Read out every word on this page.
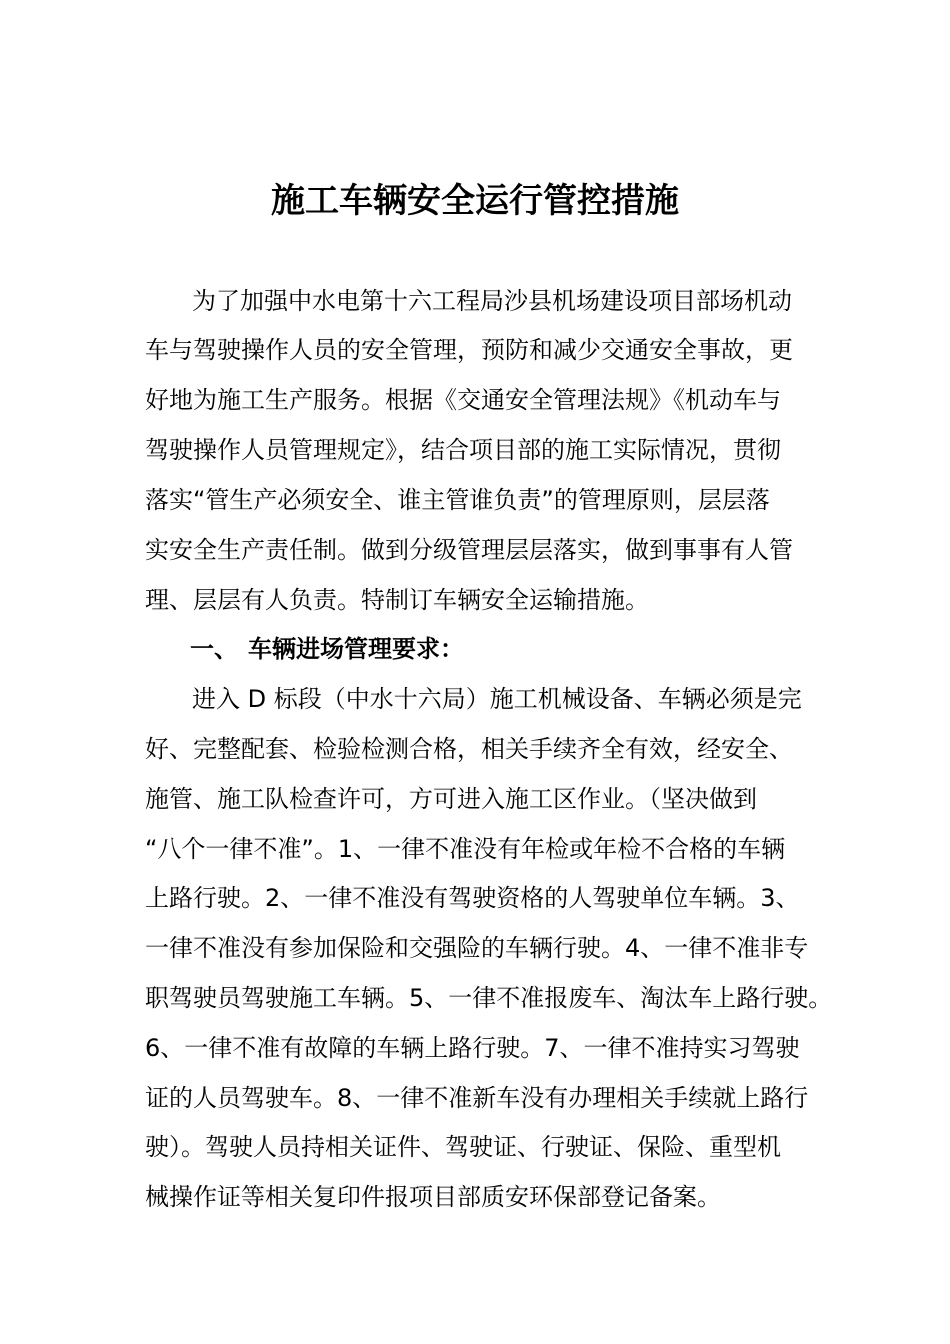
施工车辆安全运行管控措施
为了加强中水电第十六工程局沙县机场建设项目部场机动
车与驾驶操作人员的安全管理，预防和减少交通安全事故，更
好地为施工生产服务。根据《交通安全管理法规》《机动车与
驾驶操作人员管理规定》，结合项目部的施工实际情况，贯彻
落实“管生产必须安全、谁主管谁负责”的管理原则，层层落
实安全生产责任制。做到分级管理层层落实，做到事事有人管
理、层层有人负责。特制订车辆安全运输措施。
一、 车辆进场管理要求：
进入 D 标段（中水十六局）施工机械设备、车辆必须是完
好、完整配套、检验检测合格，相关手续齐全有效，经安全、
施管、施工队检查许可，方可进入施工区作业。（坚决做到
“八个一律不准”。1、一律不准没有年检或年检不合格的车辆
上路行驶。2、一律不准没有驾驶资格的人驾驶单位车辆。3、
一律不准没有参加保险和交强险的车辆行驶。4、一律不准非专
职驾驶员驾驶施工车辆。5、一律不准报废车、淘汰车上路行驶。
6、一律不准有故障的车辆上路行驶。7、一律不准持实习驾驶
证的人员驾驶车。8、一律不准新车没有办理相关手续就上路行
驶）。驾驶人员持相关证件、驾驶证、行驶证、保险、重型机
械操作证等相关复印件报项目部质安环保部登记备案。
